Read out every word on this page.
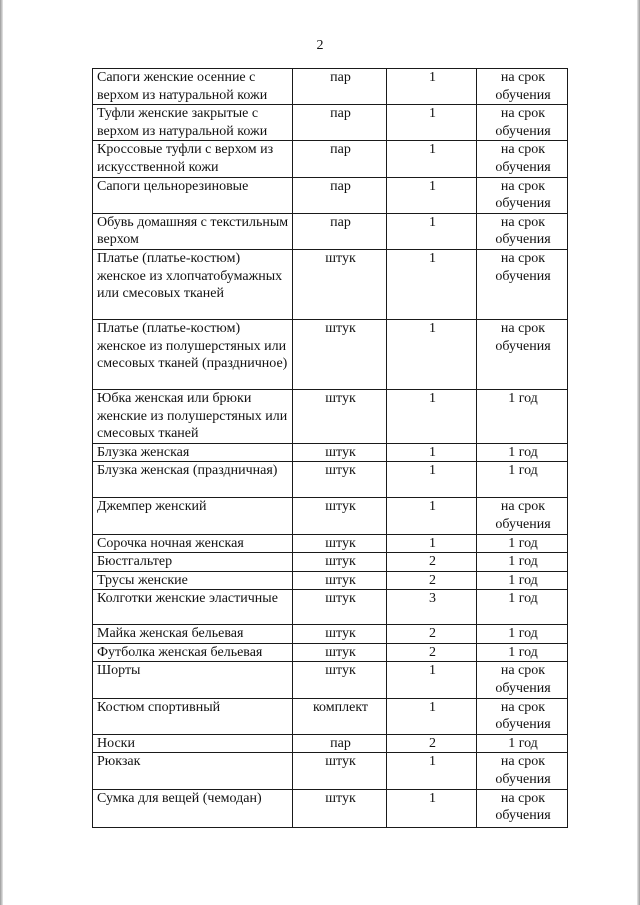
2
Сапоги женские осенние с верхом из натуральной кожи	пар	1	на срок обучения
Туфли женские закрытые с верхом из натуральной кожи	пар	1	на срок обучения
Кроссовые туфли с верхом из искусственной кожи	пар	1	на срок обучения
Сапоги цельнорезиновые	пар	1	на срок обучения
Обувь домашняя с текстильным верхом	пар	1	на срок обучения
Платье (платье-костюм) женское из хлопчатобумажных или смесовых тканей	штук	1	на срок обучения
Платье (платье-костюм) женское из полушерстяных или смесовых тканей (праздничное)	штук	1	на срок обучения
Юбка женская или брюки женские из полушерстяных или смесовых тканей	штук	1	1 год
Блузка женская	штук	1	1 год
Блузка женская (праздничная)	штук	1	1 год
Джемпер женский	штук	1	на срок обучения
Сорочка ночная женская	штук	1	1 год
Бюстгальтер	штук	2	1 год
Трусы женские	штук	2	1 год
Колготки женские эластичные	штук	3	1 год
Майка женская бельевая	штук	2	1 год
Футболка женская бельевая	штук	2	1 год
Шорты	штук	1	на срок обучения
Костюм спортивный	комплект	1	на срок обучения
Носки	пар	2	1 год
Рюкзак	штук	1	на срок обучения
Сумка для вещей (чемодан)	штук	1	на срок обучения
